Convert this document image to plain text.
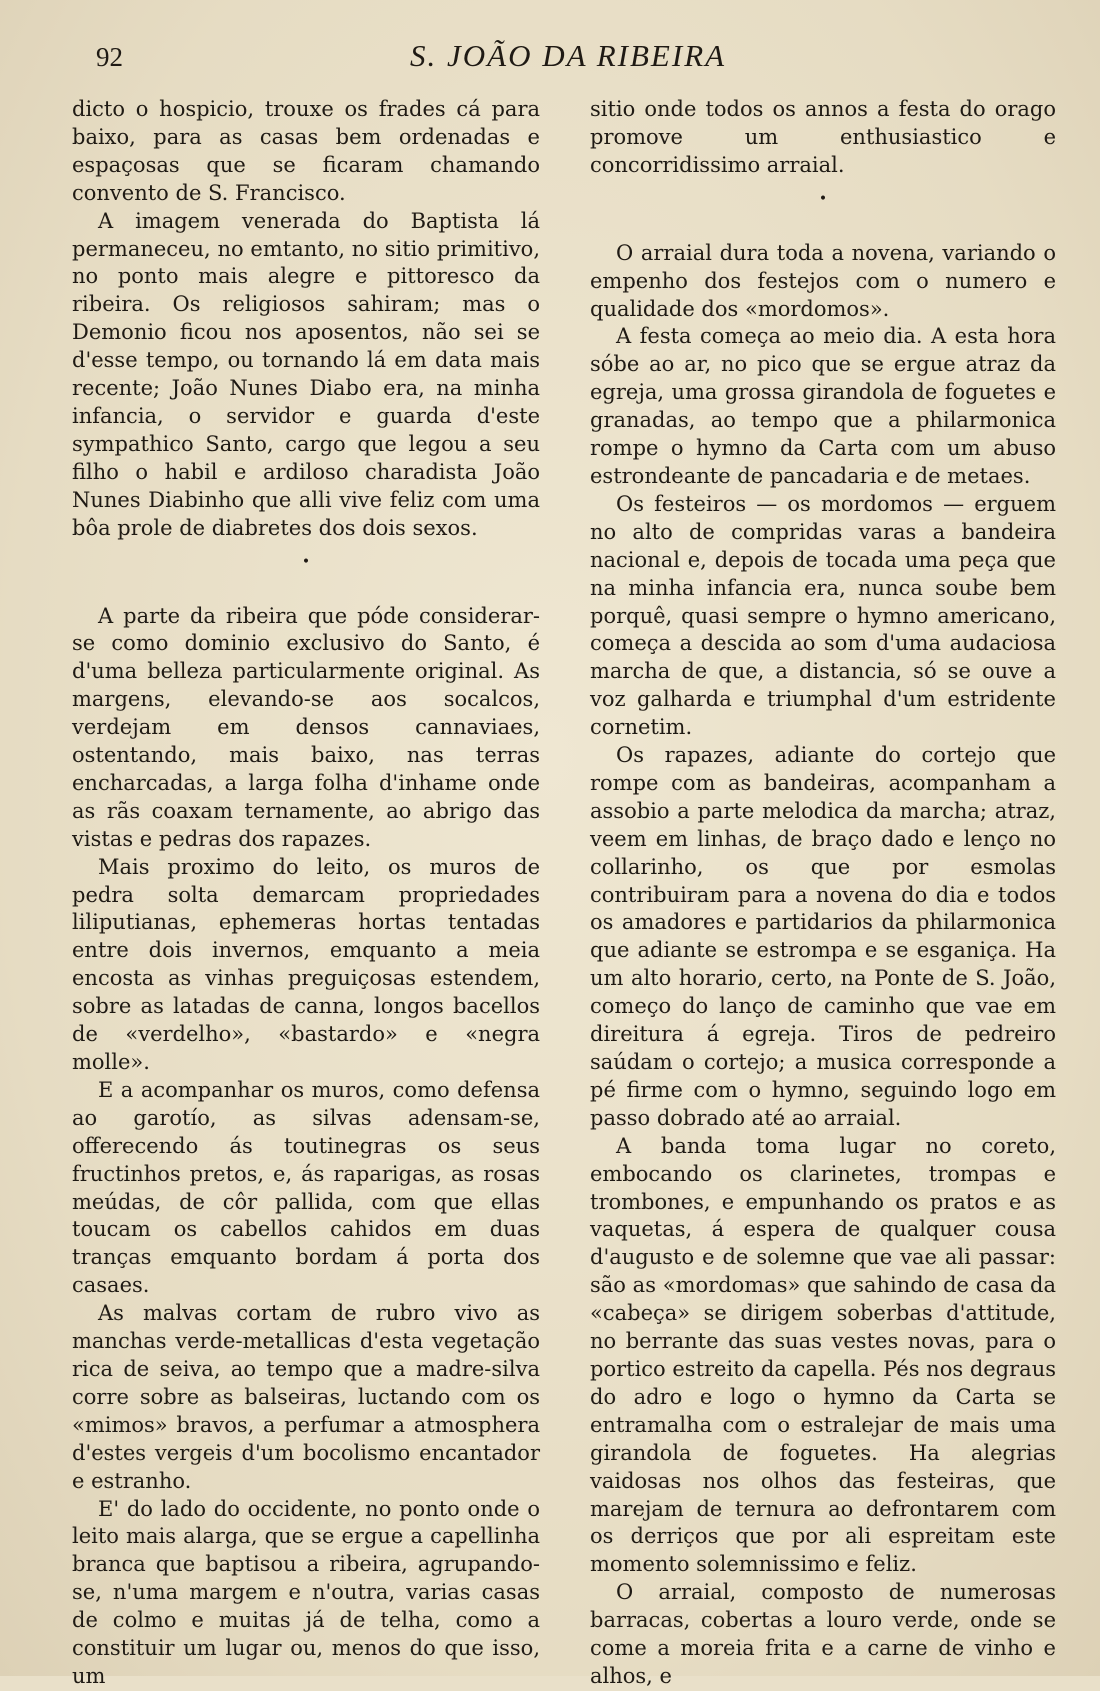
92	S. JOÃO DA RIBEIRA

dicto o hospicio, trouxe os frades cá para baixo, para as casas bem ordenadas e espaçosas que se ficaram chamando convento de S. Francisco.

A imagem venerada do Baptista lá permaneceu, no emtanto, no sitio primitivo, no ponto mais alegre e pittoresco da ribeira. Os religiosos sahiram; mas o Demonio ficou nos aposentos, não sei se d'esse tempo, ou tornando lá em data mais recente; João Nunes Diabo era, na minha infancia, o servidor e guarda d'este sympathico Santo, cargo que legou a seu filho o habil e ardiloso charadista João Nunes Diabinho que alli vive feliz com uma bôa prole de diabretes dos dois sexos.

•

A parte da ribeira que póde considerar-se como dominio exclusivo do Santo, é d'uma belleza particularmente original. As margens, elevando-se aos socalcos, verdejam em densos cannaviaes, ostentando, mais baixo, nas terras encharcadas, a larga folha d'inhame onde as rãs coaxam ternamente, ao abrigo das vistas e pedras dos rapazes.

Mais proximo do leito, os muros de pedra solta demarcam propriedades liliputianas, ephemeras hortas tentadas entre dois invernos, emquanto a meia encosta as vinhas preguiçosas estendem, sobre as latadas de canna, longos bacellos de «verdelho», «bastardo» e «negra molle».

E a acompanhar os muros, como defensa ao garotío, as silvas adensam-se, offerecendo ás toutinegras os seus fructinhos pretos, e, ás raparigas, as rosas meúdas, de côr pallida, com que ellas toucam os cabellos cahidos em duas tranças emquanto bordam á porta dos casaes.

As malvas cortam de rubro vivo as manchas verde-metallicas d'esta vegetação rica de seiva, ao tempo que a madre-silva corre sobre as balseiras, luctando com os «mimos» bravos, a perfumar a atmosphera d'estes vergeis d'um bocolismo encantador e estranho.

E' do lado do occidente, no ponto onde o leito mais alarga, que se ergue a capellinha branca que baptisou a ribeira, agrupando-se, n'uma margem e n'outra, varias casas de colmo e muitas já de telha, como a constituir um lugar ou, menos do que isso, um

sitio onde todos os annos a festa do orago promove um enthusiastico e concorridissimo arraial.

•

O arraial dura toda a novena, variando o empenho dos festejos com o numero e qualidade dos «mordomos».

A festa começa ao meio dia. A esta hora sóbe ao ar, no pico que se ergue atraz da egreja, uma grossa girandola de foguetes e granadas, ao tempo que a philarmonica rompe o hymno da Carta com um abuso estrondeante de pancadaria e de metaes.

Os festeiros — os mordomos — erguem no alto de compridas varas a bandeira nacional e, depois de tocada uma peça que na minha infancia era, nunca soube bem porquê, quasi sempre o hymno americano, começa a descida ao som d'uma audaciosa marcha de que, a distancia, só se ouve a voz galharda e triumphal d'um estridente cornetim.

Os rapazes, adiante do cortejo que rompe com as bandeiras, acompanham a assobio a parte melodica da marcha; atraz, veem em linhas, de braço dado e lenço no collarinho, os que por esmolas contribuiram para a novena do dia e todos os amadores e partidarios da philarmonica que adiante se estrompa e se esganiça. Ha um alto horario, certo, na Ponte de S. João, começo do lanço de caminho que vae em direitura á egreja. Tiros de pedreiro saúdam o cortejo; a musica corresponde a pé firme com o hymno, seguindo logo em passo dobrado até ao arraial.

A banda toma lugar no coreto, embocando os clarinetes, trompas e trombones, e empunhando os pratos e as vaquetas, á espera de qualquer cousa d'augusto e de solemne que vae ali passar: são as «mordomas» que sahindo de casa da «cabeça» se dirigem soberbas d'attitude, no berrante das suas vestes novas, para o portico estreito da capella. Pés nos degraus do adro e logo o hymno da Carta se entramalha com o estralejar de mais uma girandola de foguetes. Ha alegrias vaidosas nos olhos das festeiras, que marejam de ternura ao defrontarem com os derriços que por ali espreitam este momento solemnissimo e feliz.

O arraial, composto de numerosas barracas, cobertas a louro verde, onde se come a moreia frita e a carne de vinho e alhos, e
